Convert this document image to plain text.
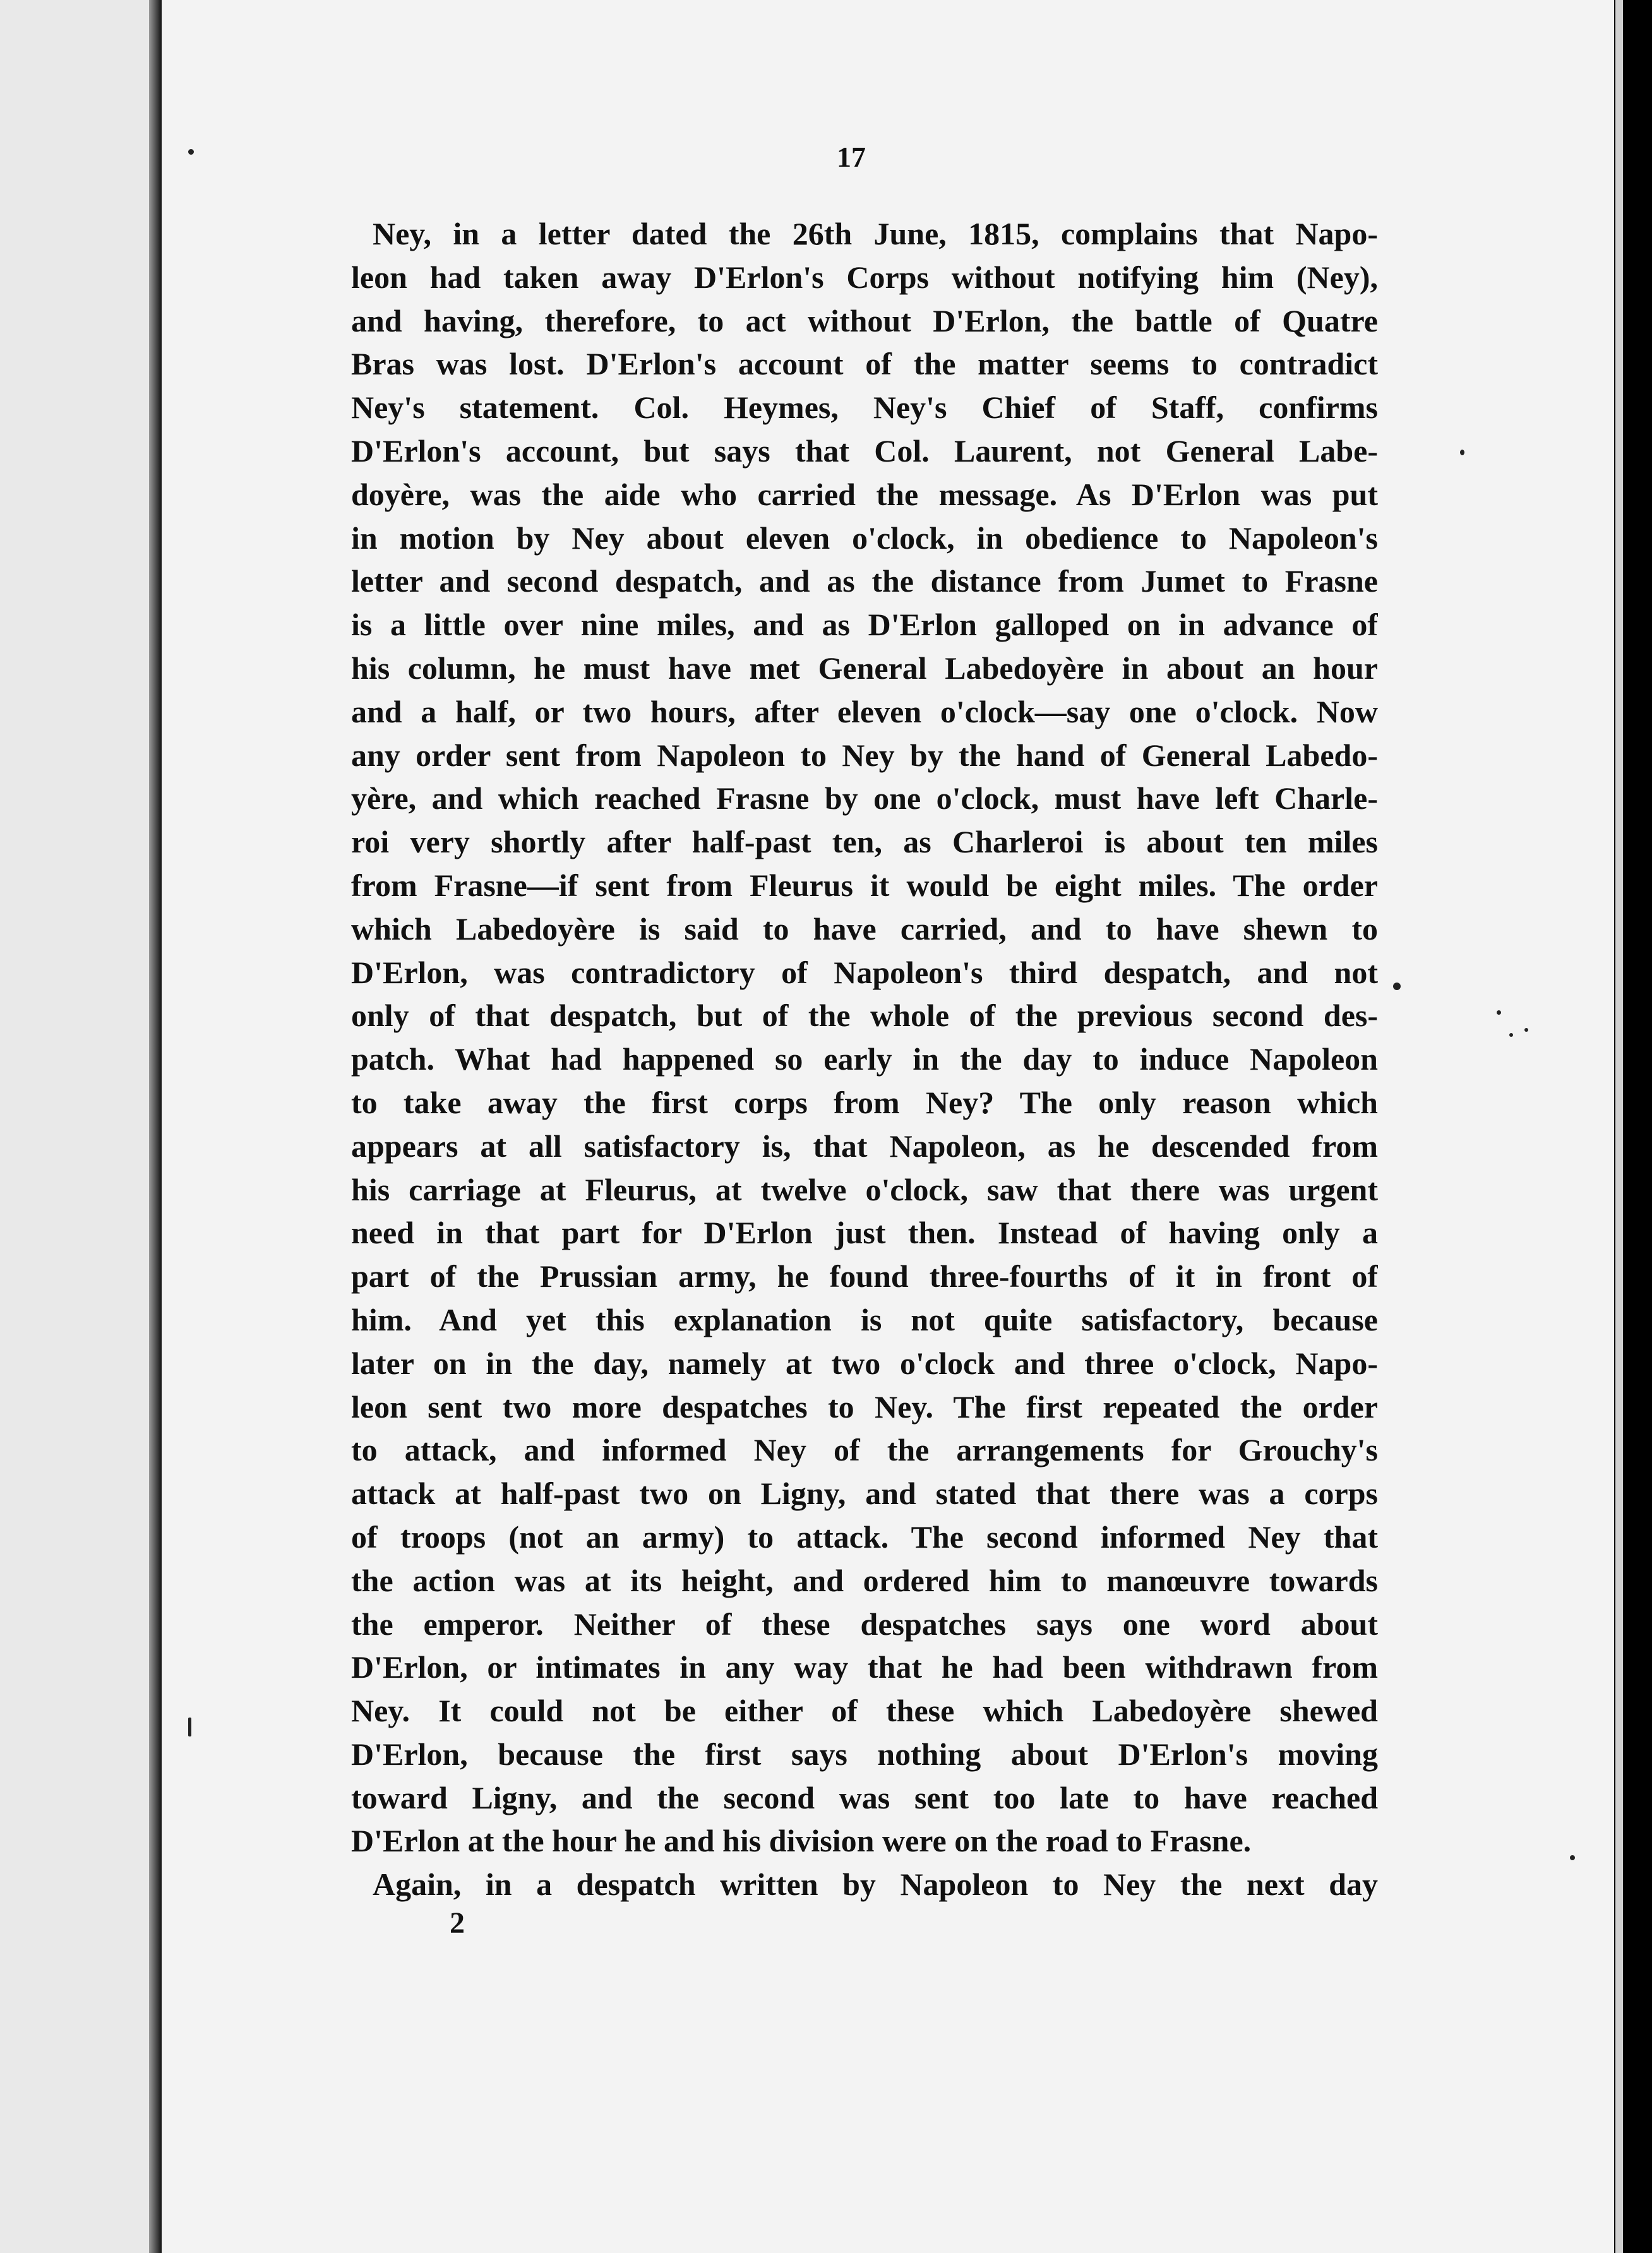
17
Ney, in a letter dated the 26th June, 1815, complains that Napo-
leon had taken away D'Erlon's Corps without notifying him (Ney),
and having, therefore, to act without D'Erlon, the battle of Quatre
Bras was lost. D'Erlon's account of the matter seems to contradict
Ney's statement. Col. Heymes, Ney's Chief of Staff, confirms
D'Erlon's account, but says that Col. Laurent, not General Labe-
doyère, was the aide who carried the message. As D'Erlon was put
in motion by Ney about eleven o'clock, in obedience to Napoleon's
letter and second despatch, and as the distance from Jumet to Frasne
is a little over nine miles, and as D'Erlon galloped on in advance of
his column, he must have met General Labedoyère in about an hour
and a half, or two hours, after eleven o'clock—say one o'clock. Now
any order sent from Napoleon to Ney by the hand of General Labedo-
yère, and which reached Frasne by one o'clock, must have left Charle-
roi very shortly after half-past ten, as Charleroi is about ten miles
from Frasne—if sent from Fleurus it would be eight miles. The order
which Labedoyère is said to have carried, and to have shewn to
D'Erlon, was contradictory of Napoleon's third despatch, and not
only of that despatch, but of the whole of the previous second des-
patch. What had happened so early in the day to induce Napoleon
to take away the first corps from Ney? The only reason which
appears at all satisfactory is, that Napoleon, as he descended from
his carriage at Fleurus, at twelve o'clock, saw that there was urgent
need in that part for D'Erlon just then. Instead of having only a
part of the Prussian army, he found three-fourths of it in front of
him. And yet this explanation is not quite satisfactory, because
later on in the day, namely at two o'clock and three o'clock, Napo-
leon sent two more despatches to Ney. The first repeated the order
to attack, and informed Ney of the arrangements for Grouchy's
attack at half-past two on Ligny, and stated that there was a corps
of troops (not an army) to attack. The second informed Ney that
the action was at its height, and ordered him to manœuvre towards
the emperor. Neither of these despatches says one word about
D'Erlon, or intimates in any way that he had been withdrawn from
Ney. It could not be either of these which Labedoyère shewed
D'Erlon, because the first says nothing about D'Erlon's moving
toward Ligny, and the second was sent too late to have reached
D'Erlon at the hour he and his division were on the road to Frasne.
Again, in a despatch written by Napoleon to Ney the next day
2
